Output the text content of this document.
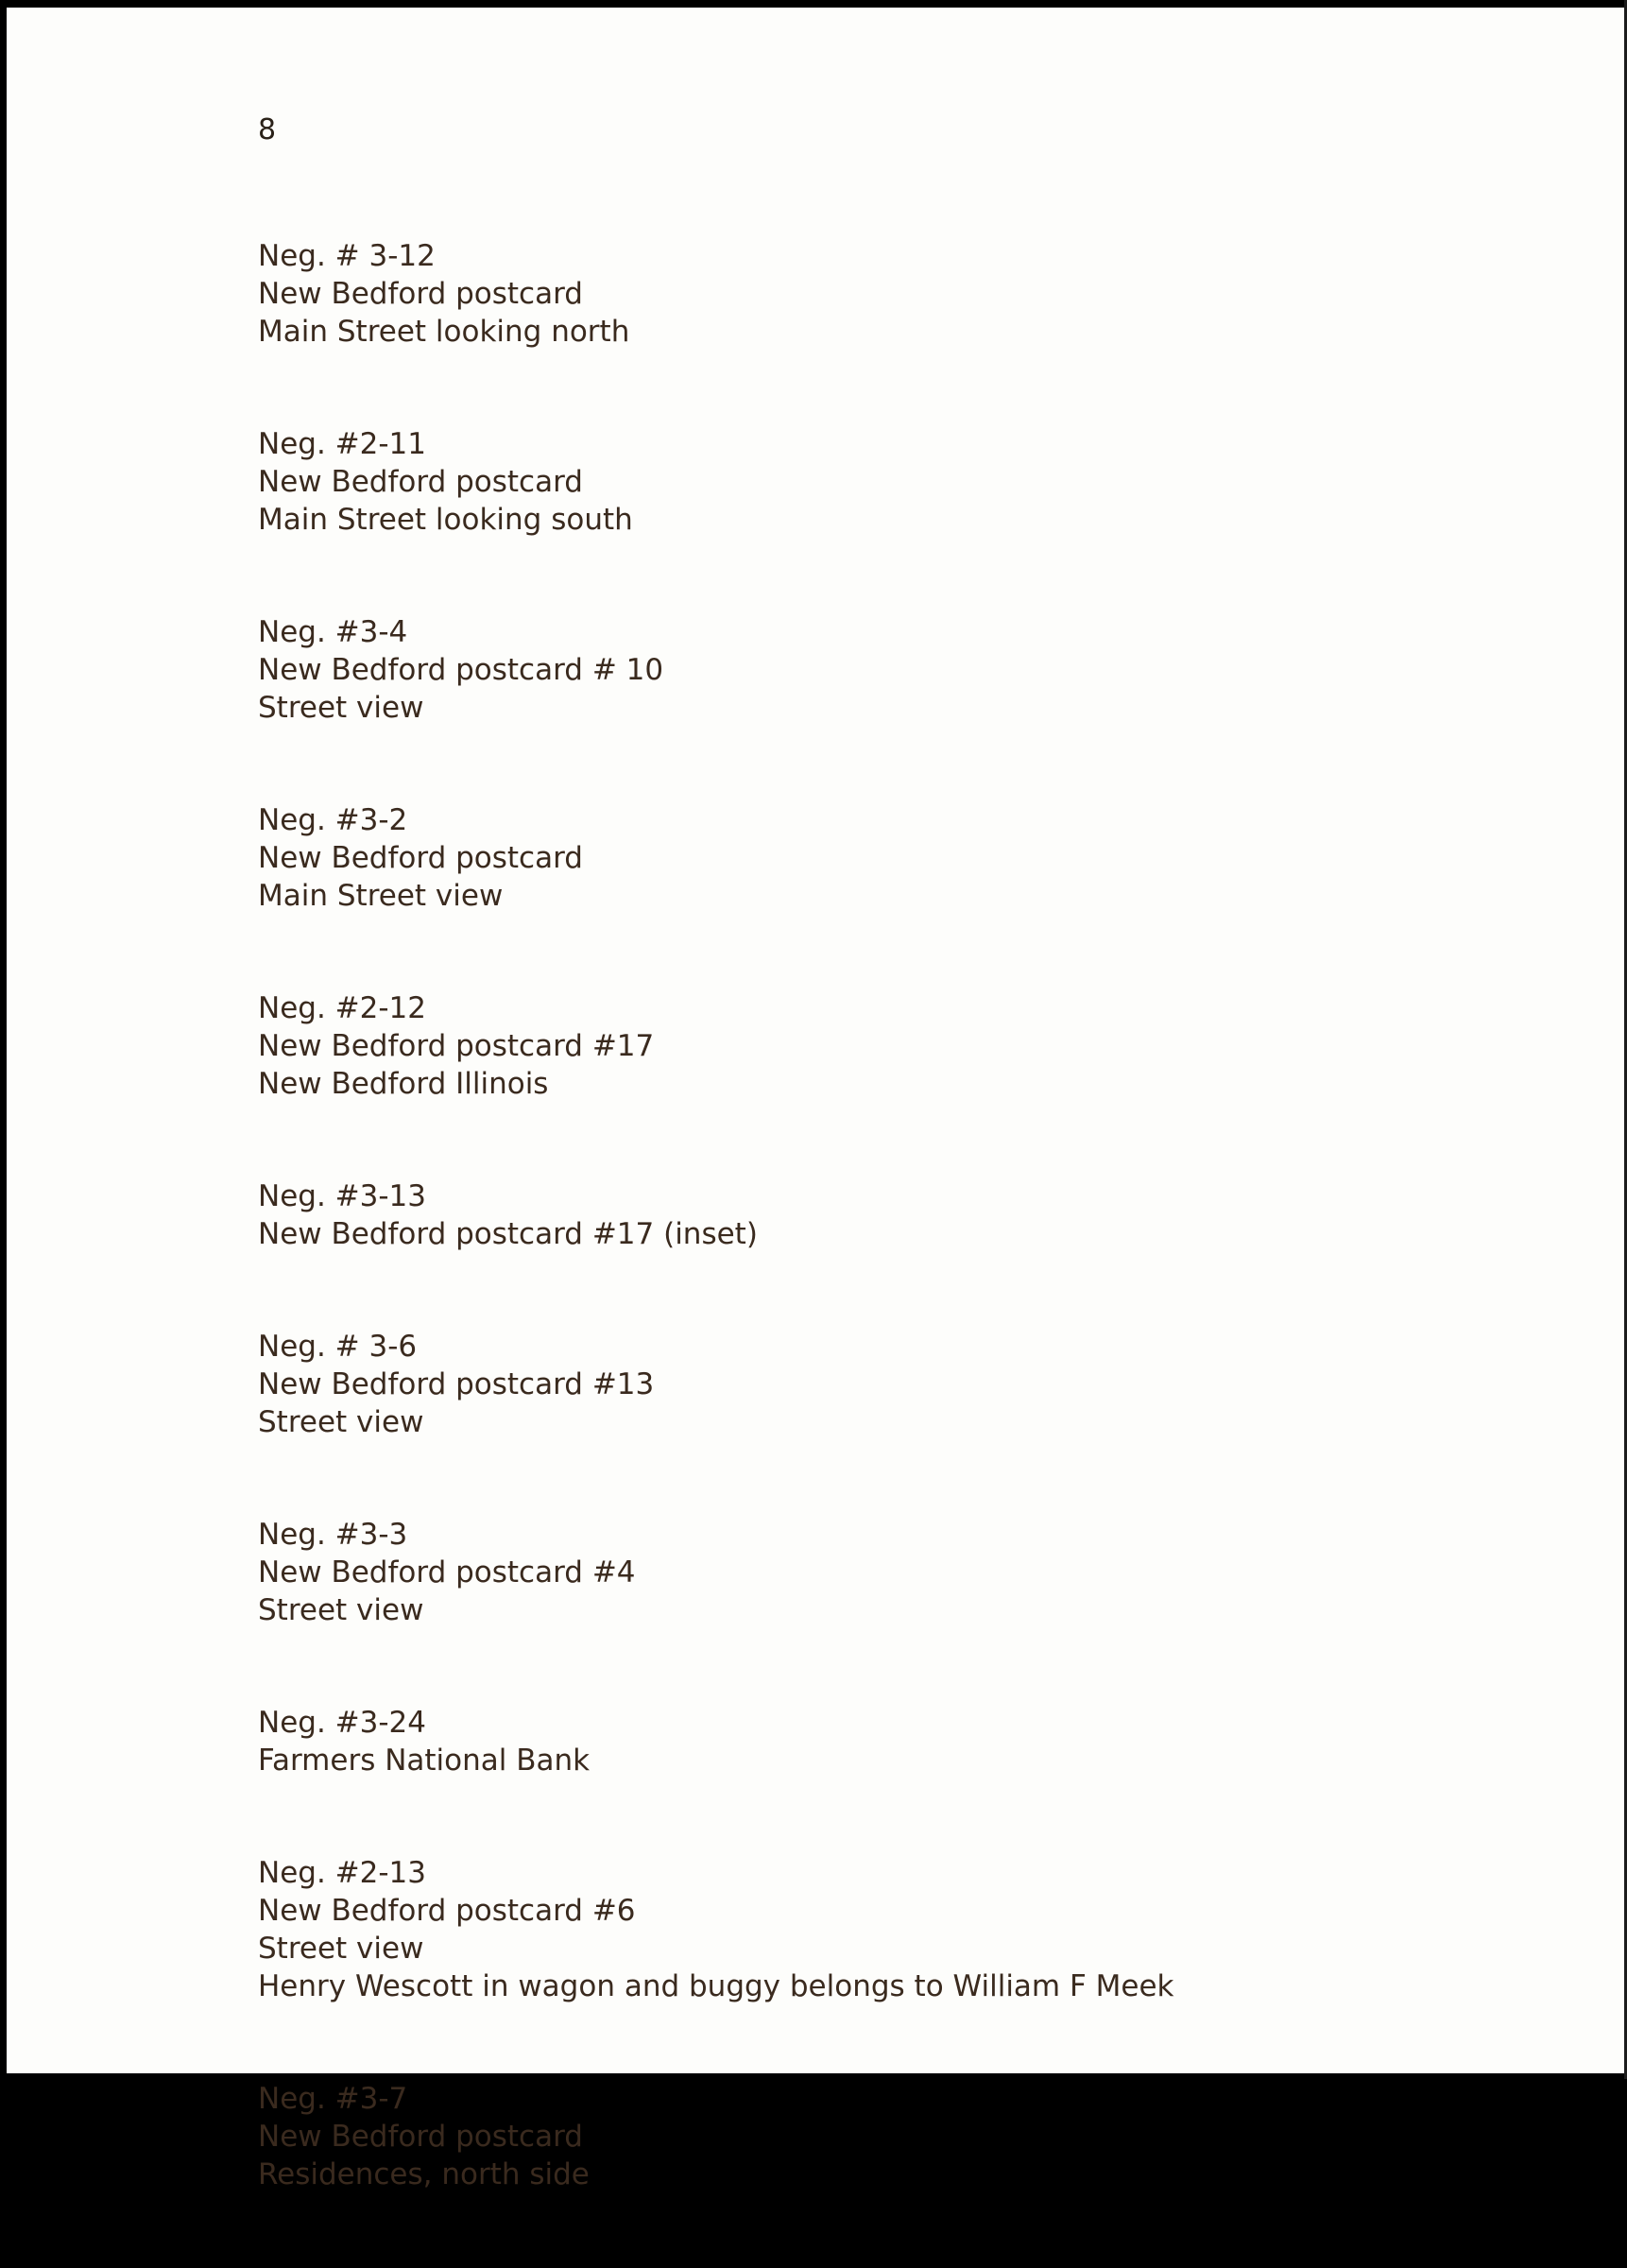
8

Neg. # 3-12
New Bedford postcard
Main Street looking north
Neg. #2-11
New Bedford postcard
Main Street looking south
Neg. #3-4
New Bedford postcard # 10
Street view
Neg. #3-2
New Bedford postcard
Main Street view
Neg. #2-12
New Bedford postcard #17
New Bedford Illinois
Neg. #3-13
New Bedford postcard #17 (inset)
Neg. # 3-6
New Bedford postcard #13
Street view
Neg. #3-3
New Bedford postcard #4
Street view
Neg. #3-24
Farmers National Bank
Neg. #2-13
New Bedford postcard #6
Street view
Henry Wescott in wagon and buggy belongs to William F Meek
Neg. #3-7
New Bedford postcard
Residences, north side
